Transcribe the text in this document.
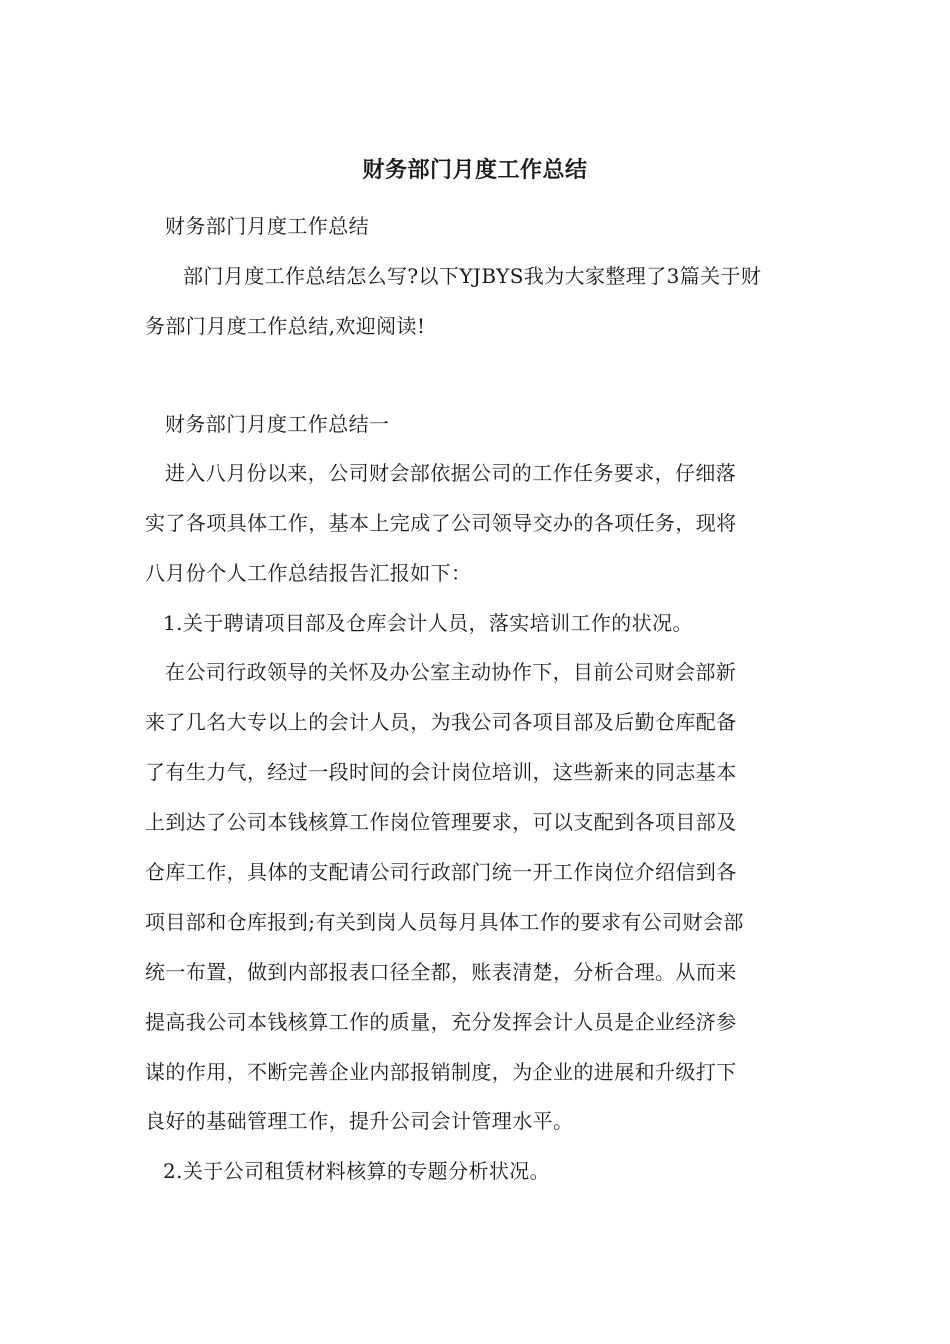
财务部门月度工作总结
财务部门月度工作总结
部门月度工作总结怎么写?以下YJBYS我为大家整理了3篇关于财
务部门月度工作总结,欢迎阅读!
财务部门月度工作总结一
进入八月份以来，公司财会部依据公司的工作任务要求，仔细落
实了各项具体工作，基本上完成了公司领导交办的各项任务，现将
八月份个人工作总结报告汇报如下：
1.关于聘请项目部及仓库会计人员，落实培训工作的状况。
在公司行政领导的关怀及办公室主动协作下，目前公司财会部新
来了几名大专以上的会计人员，为我公司各项目部及后勤仓库配备
了有生力气，经过一段时间的会计岗位培训，这些新来的同志基本
上到达了公司本钱核算工作岗位管理要求，可以支配到各项目部及
仓库工作，具体的支配请公司行政部门统一开工作岗位介绍信到各
项目部和仓库报到;有关到岗人员每月具体工作的要求有公司财会部
统一布置，做到内部报表口径全都，账表清楚，分析合理。从而来
提高我公司本钱核算工作的质量，充分发挥会计人员是企业经济参
谋的作用，不断完善企业内部报销制度，为企业的进展和升级打下
良好的基础管理工作，提升公司会计管理水平。
2.关于公司租赁材料核算的专题分析状况。
